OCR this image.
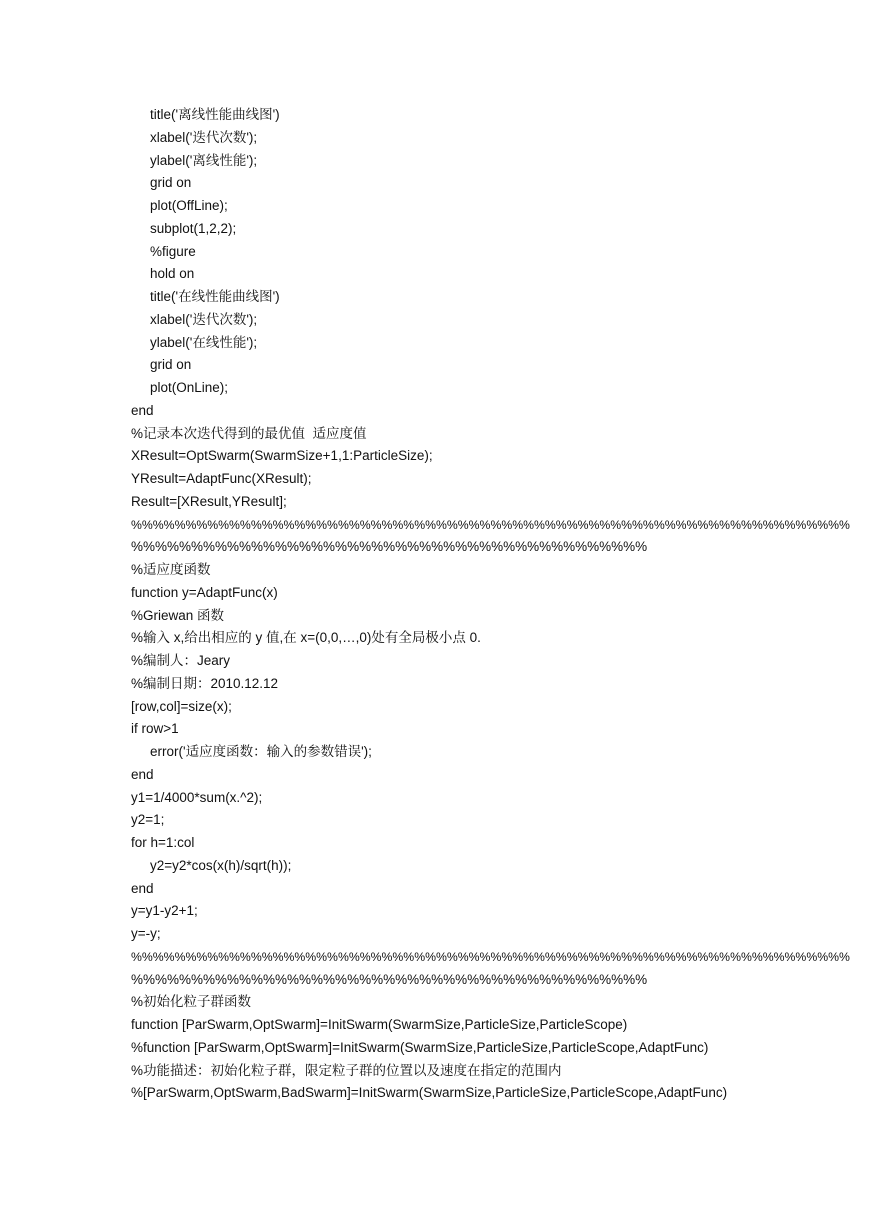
title('离线性能曲线图')
xlabel('迭代次数');
ylabel('离线性能');
grid on
plot(OffLine);
subplot(1,2,2);
%figure
hold on
title('在线性能曲线图')
xlabel('迭代次数');
ylabel('在线性能');
grid on
plot(OnLine);
end
%记录本次迭代得到的最优值  适应度值
XResult=OptSwarm(SwarmSize+1,1:ParticleSize);
YResult=AdaptFunc(XResult);
Result=[XResult,YResult];
%%%%%%%%%%%%%%%%%%%%%%%%%%%%%%%%%%%%%%%%%%%%%%%%%%%%%%%%%%%%%%%%%%
%%%%%%%%%%%%%%%%%%%%%%%%%%%%%%%%%%%%%%%%%%%
%适应度函数
function y=AdaptFunc(x)
%Griewan 函数
%输入 x,给出相应的 y 值,在 x=(0,0,…,0)处有全局极小点 0.
%编制人：Jeary
%编制日期：2010.12.12
[row,col]=size(x);
if row>1
error('适应度函数：输入的参数错误');
end
y1=1/4000*sum(x.^2);
y2=1;
for h=1:col
y2=y2*cos(x(h)/sqrt(h));
end
y=y1-y2+1;
y=-y;
%%%%%%%%%%%%%%%%%%%%%%%%%%%%%%%%%%%%%%%%%%%%%%%%%%%%%%%%%%%%%%%%%%
%%%%%%%%%%%%%%%%%%%%%%%%%%%%%%%%%%%%%%%%%%%
%初始化粒子群函数
function [ParSwarm,OptSwarm]=InitSwarm(SwarmSize,ParticleSize,ParticleScope)
%function [ParSwarm,OptSwarm]=InitSwarm(SwarmSize,ParticleSize,ParticleScope,AdaptFunc)
%功能描述：初始化粒子群，限定粒子群的位置以及速度在指定的范围内
%[ParSwarm,OptSwarm,BadSwarm]=InitSwarm(SwarmSize,ParticleSize,ParticleScope,AdaptFunc)
